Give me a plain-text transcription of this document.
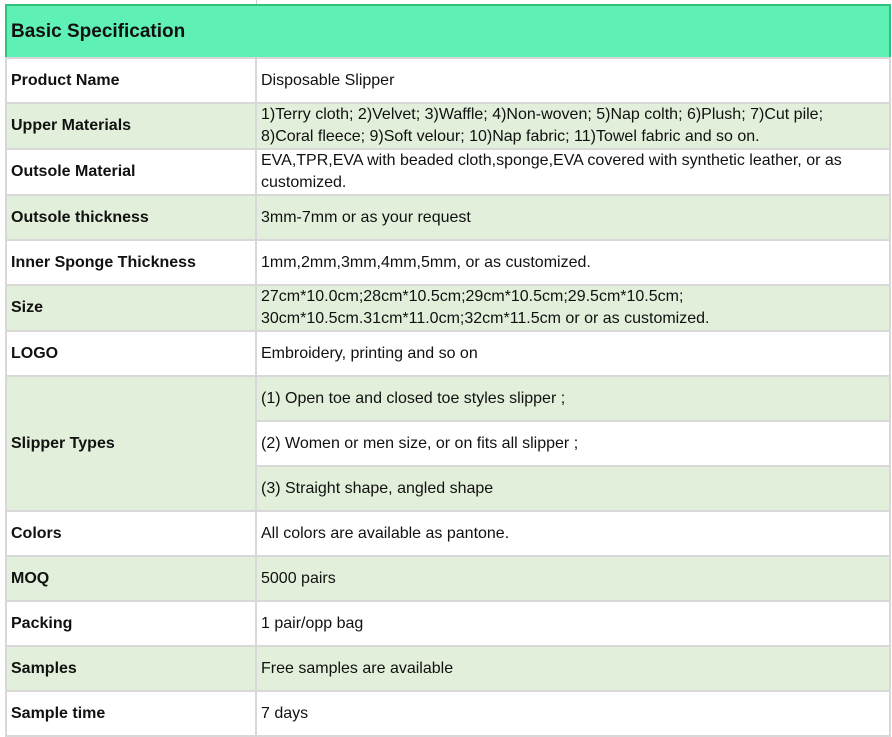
Basic Specification	
Product Name	Disposable Slipper
Upper Materials	1)Terry cloth; 2)Velvet; 3)Waffle; 4)Non-woven; 5)Nap colth; 6)Plush; 7)Cut pile;
8)Coral fleece; 9)Soft velour; 10)Nap fabric; 11)Towel fabric and so on.

Outsole Material	EVA,TPR,EVA with beaded cloth,sponge,EVA covered with synthetic leather, or as
customized.

Outsole thickness	3mm-7mm or as your request
Inner Sponge Thickness	1mm,2mm,3mm,4mm,5mm, or as customized.
Size	27cm*10.0cm;28cm*10.5cm;29cm*10.5cm;29.5cm*10.5cm;
30cm*10.5cm.31cm*11.0cm;32cm*11.5cm or or as customized.

LOGO	Embroidery, printing and so on
Slipper Types	(1) Open toe and closed toe styles slipper ;
	(2) Women or men size, or on fits all slipper ;
	(3) Straight shape, angled shape
Colors	All colors are available as pantone.
MOQ	5000 pairs
Packing	1 pair/opp bag
Samples	Free samples are available
Sample time	7 days
